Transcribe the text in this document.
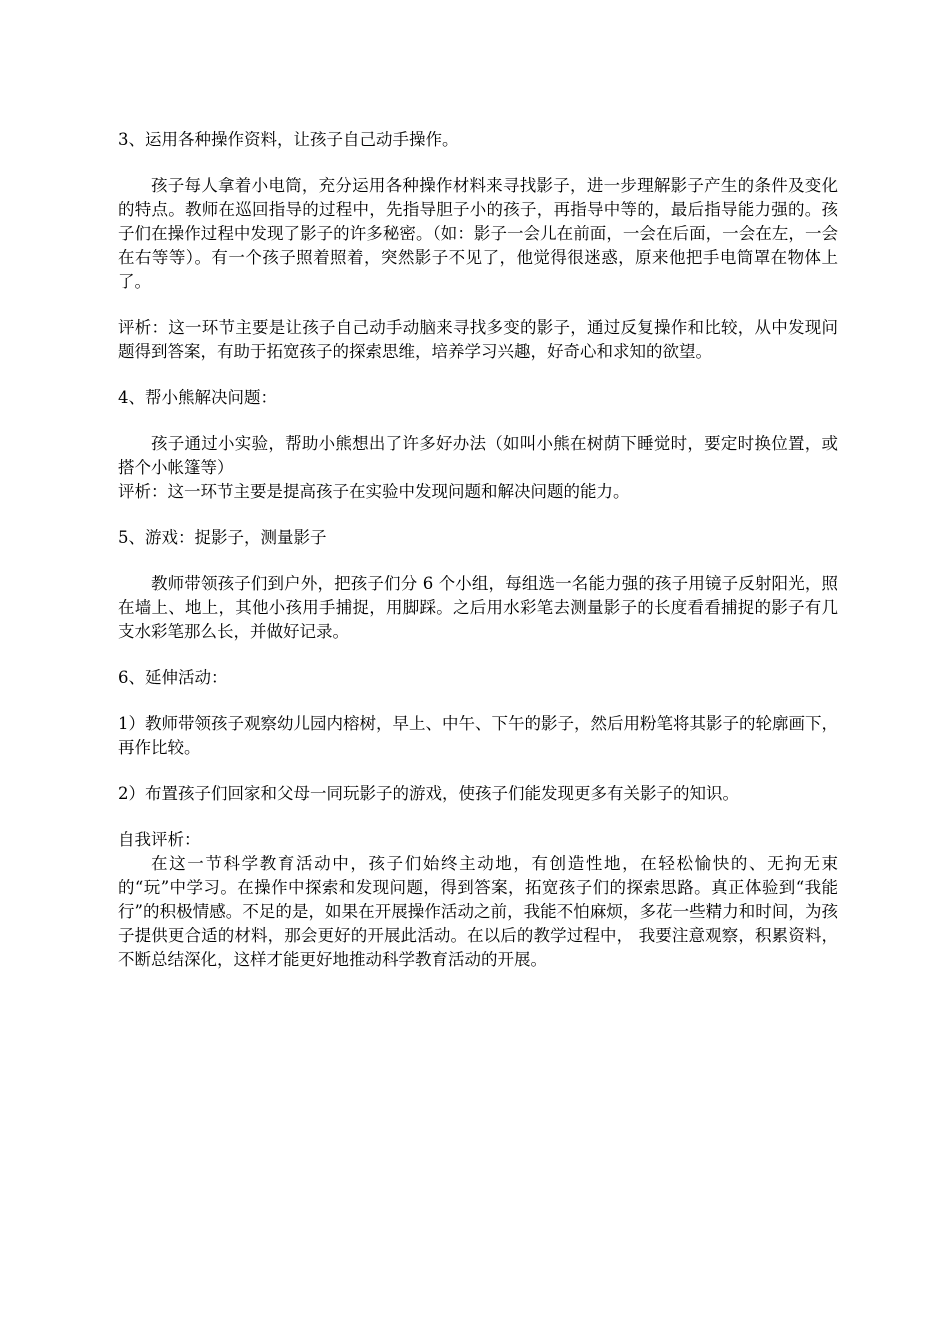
3、运用各种操作资料，让孩子自己动手操作。

孩子每人拿着小电筒，充分运用各种操作材料来寻找影子，进一步理解影子产生的条件及变化的特点。教师在巡回指导的过程中，先指导胆子小的孩子，再指导中等的，最后指导能力强的。孩子们在操作过程中发现了影子的许多秘密。（如：影子一会儿在前面，一会在后面，一会在左，一会在右等等）。有一个孩子照着照着，突然影子不见了，他觉得很迷惑，原来他把手电筒罩在物体上了。

评析：这一环节主要是让孩子自己动手动脑来寻找多变的影子，通过反复操作和比较，从中发现问题得到答案，有助于拓宽孩子的探索思维，培养学习兴趣，好奇心和求知的欲望。

4、帮小熊解决问题：

孩子通过小实验，帮助小熊想出了许多好办法（如叫小熊在树荫下睡觉时，要定时换位置，或搭个小帐篷等）

评析：这一环节主要是提高孩子在实验中发现问题和解决问题的能力。

5、游戏：捉影子，测量影子

教师带领孩子们到户外，把孩子们分 6 个小组，每组选一名能力强的孩子用镜子反射阳光，照在墙上、地上，其他小孩用手捕捉，用脚踩。之后用水彩笔去测量影子的长度看看捕捉的影子有几支水彩笔那么长，并做好记录。

6、延伸活动：

1）教师带领孩子观察幼儿园内榕树，早上、中午、下午的影子，然后用粉笔将其影子的轮廓画下，再作比较。

2）布置孩子们回家和父母一同玩影子的游戏，使孩子们能发现更多有关影子的知识。

自我评析：

在这一节科学教育活动中，孩子们始终主动地，有创造性地，在轻松愉快的、无拘无束的“玩”中学习。在操作中探索和发现问题，得到答案，拓宽孩子们的探索思路。真正体验到“我能行”的积极情感。不足的是，如果在开展操作活动之前，我能不怕麻烦，多花一些精力和时间，为孩子提供更合适的材料，那会更好的开展此活动。在以后的教学过程中， 我要注意观察，积累资料，不断总结深化，这样才能更好地推动科学教育活动的开展。
